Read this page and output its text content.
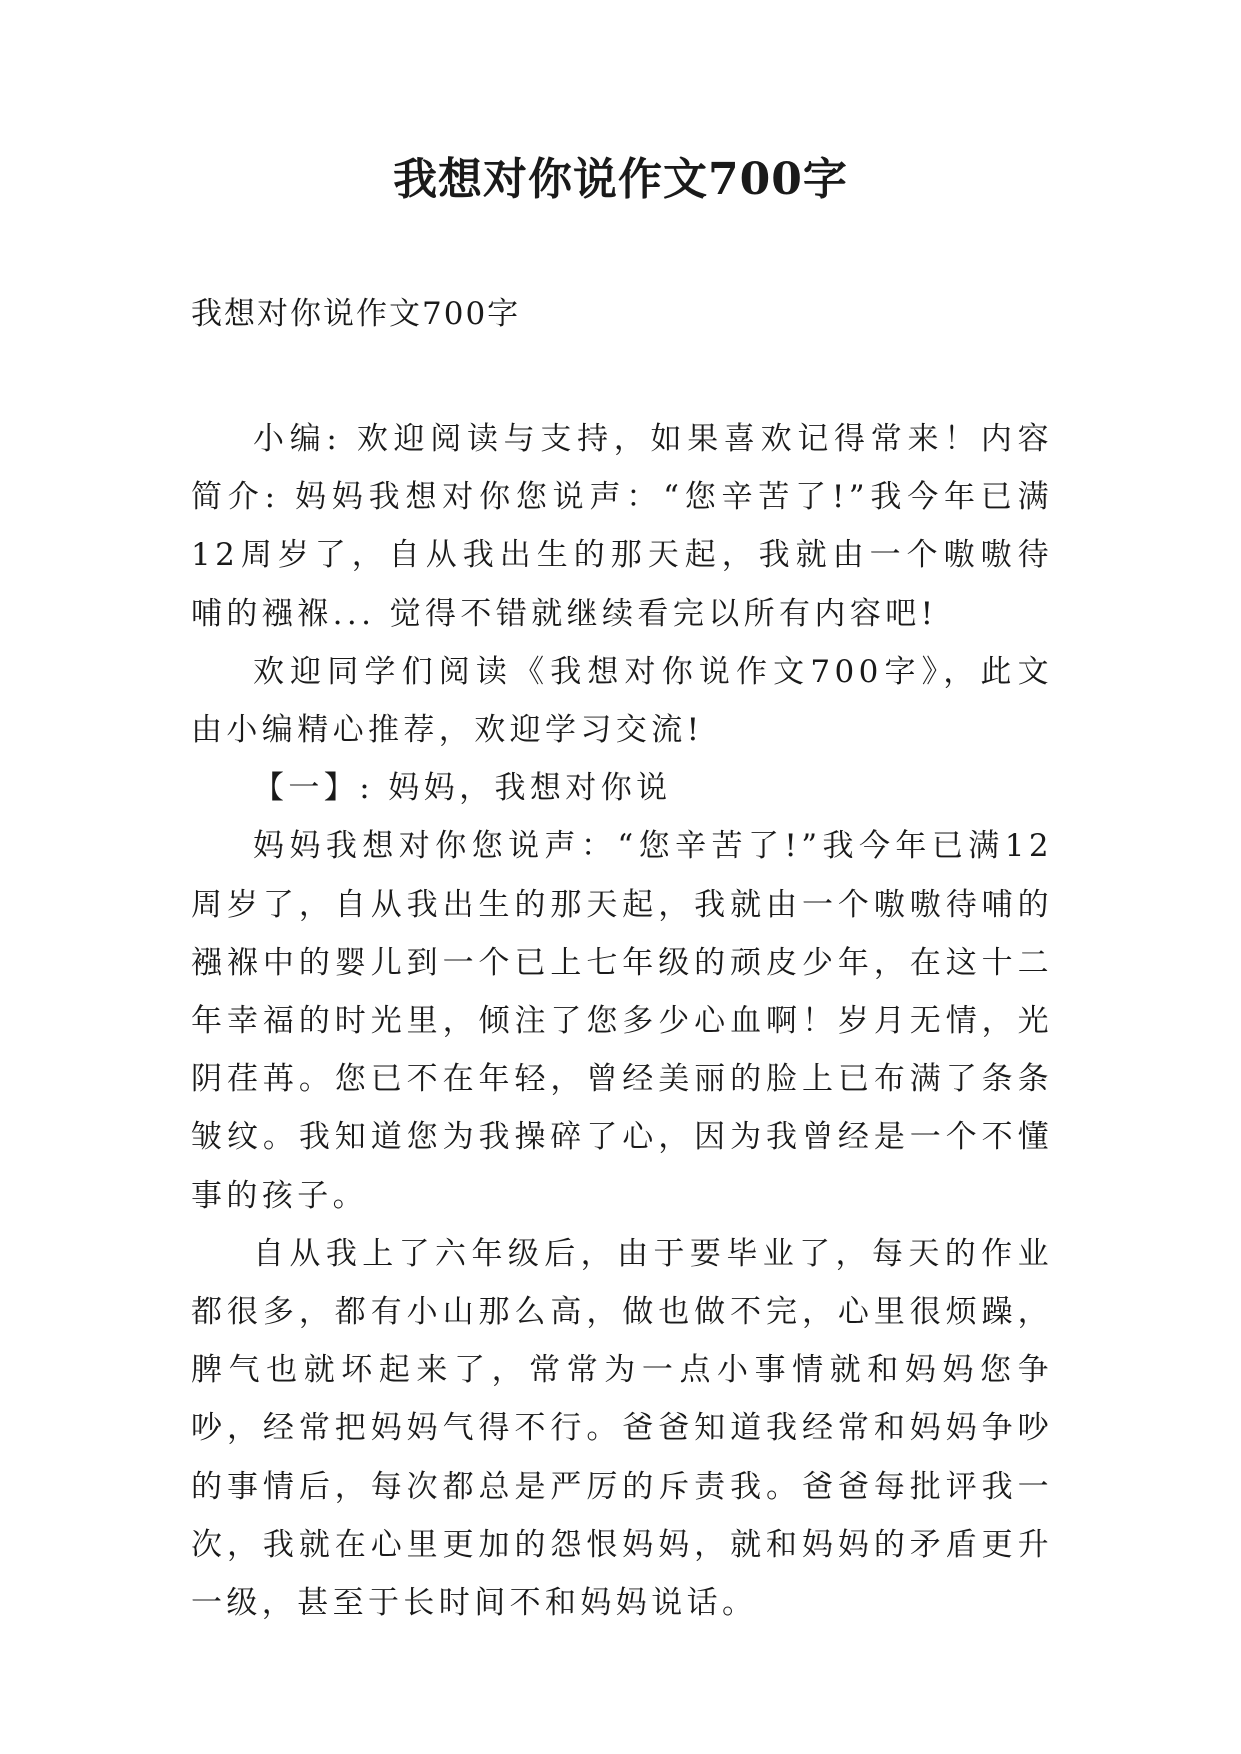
我想对你说作文700字
我想对你说作文700字

小编: 欢迎阅读与支持，如果喜欢记得常来！内容简介: 妈妈我想对你您说声：“您辛苦了!”我今年已满12周岁了，自从我出生的那天起，我就由一个嗷嗷待哺的襁褓... 觉得不错就继续看完以所有内容吧!

欢迎同学们阅读《我想对你说作文700字》，此文由小编精心推荐，欢迎学习交流!

【一】: 妈妈，我想对你说

妈妈我想对你您说声：“您辛苦了!”我今年已满12周岁了，自从我出生的那天起，我就由一个嗷嗷待哺的襁褓中的婴儿到一个已上七年级的顽皮少年，在这十二年幸福的时光里，倾注了您多少心血啊！岁月无情，光阴荏苒。您已不在年轻，曾经美丽的脸上已布满了条条皱纹。我知道您为我操碎了心，因为我曾经是一个不懂事的孩子。

自从我上了六年级后，由于要毕业了，每天的作业都很多，都有小山那么高，做也做不完，心里很烦躁，脾气也就坏起来了，常常为一点小事情就和妈妈您争吵，经常把妈妈气得不行。爸爸知道我经常和妈妈争吵的事情后，每次都总是严厉的斥责我。爸爸每批评我一次，我就在心里更加的怨恨妈妈，就和妈妈的矛盾更升一级，甚至于长时间不和妈妈说话。
